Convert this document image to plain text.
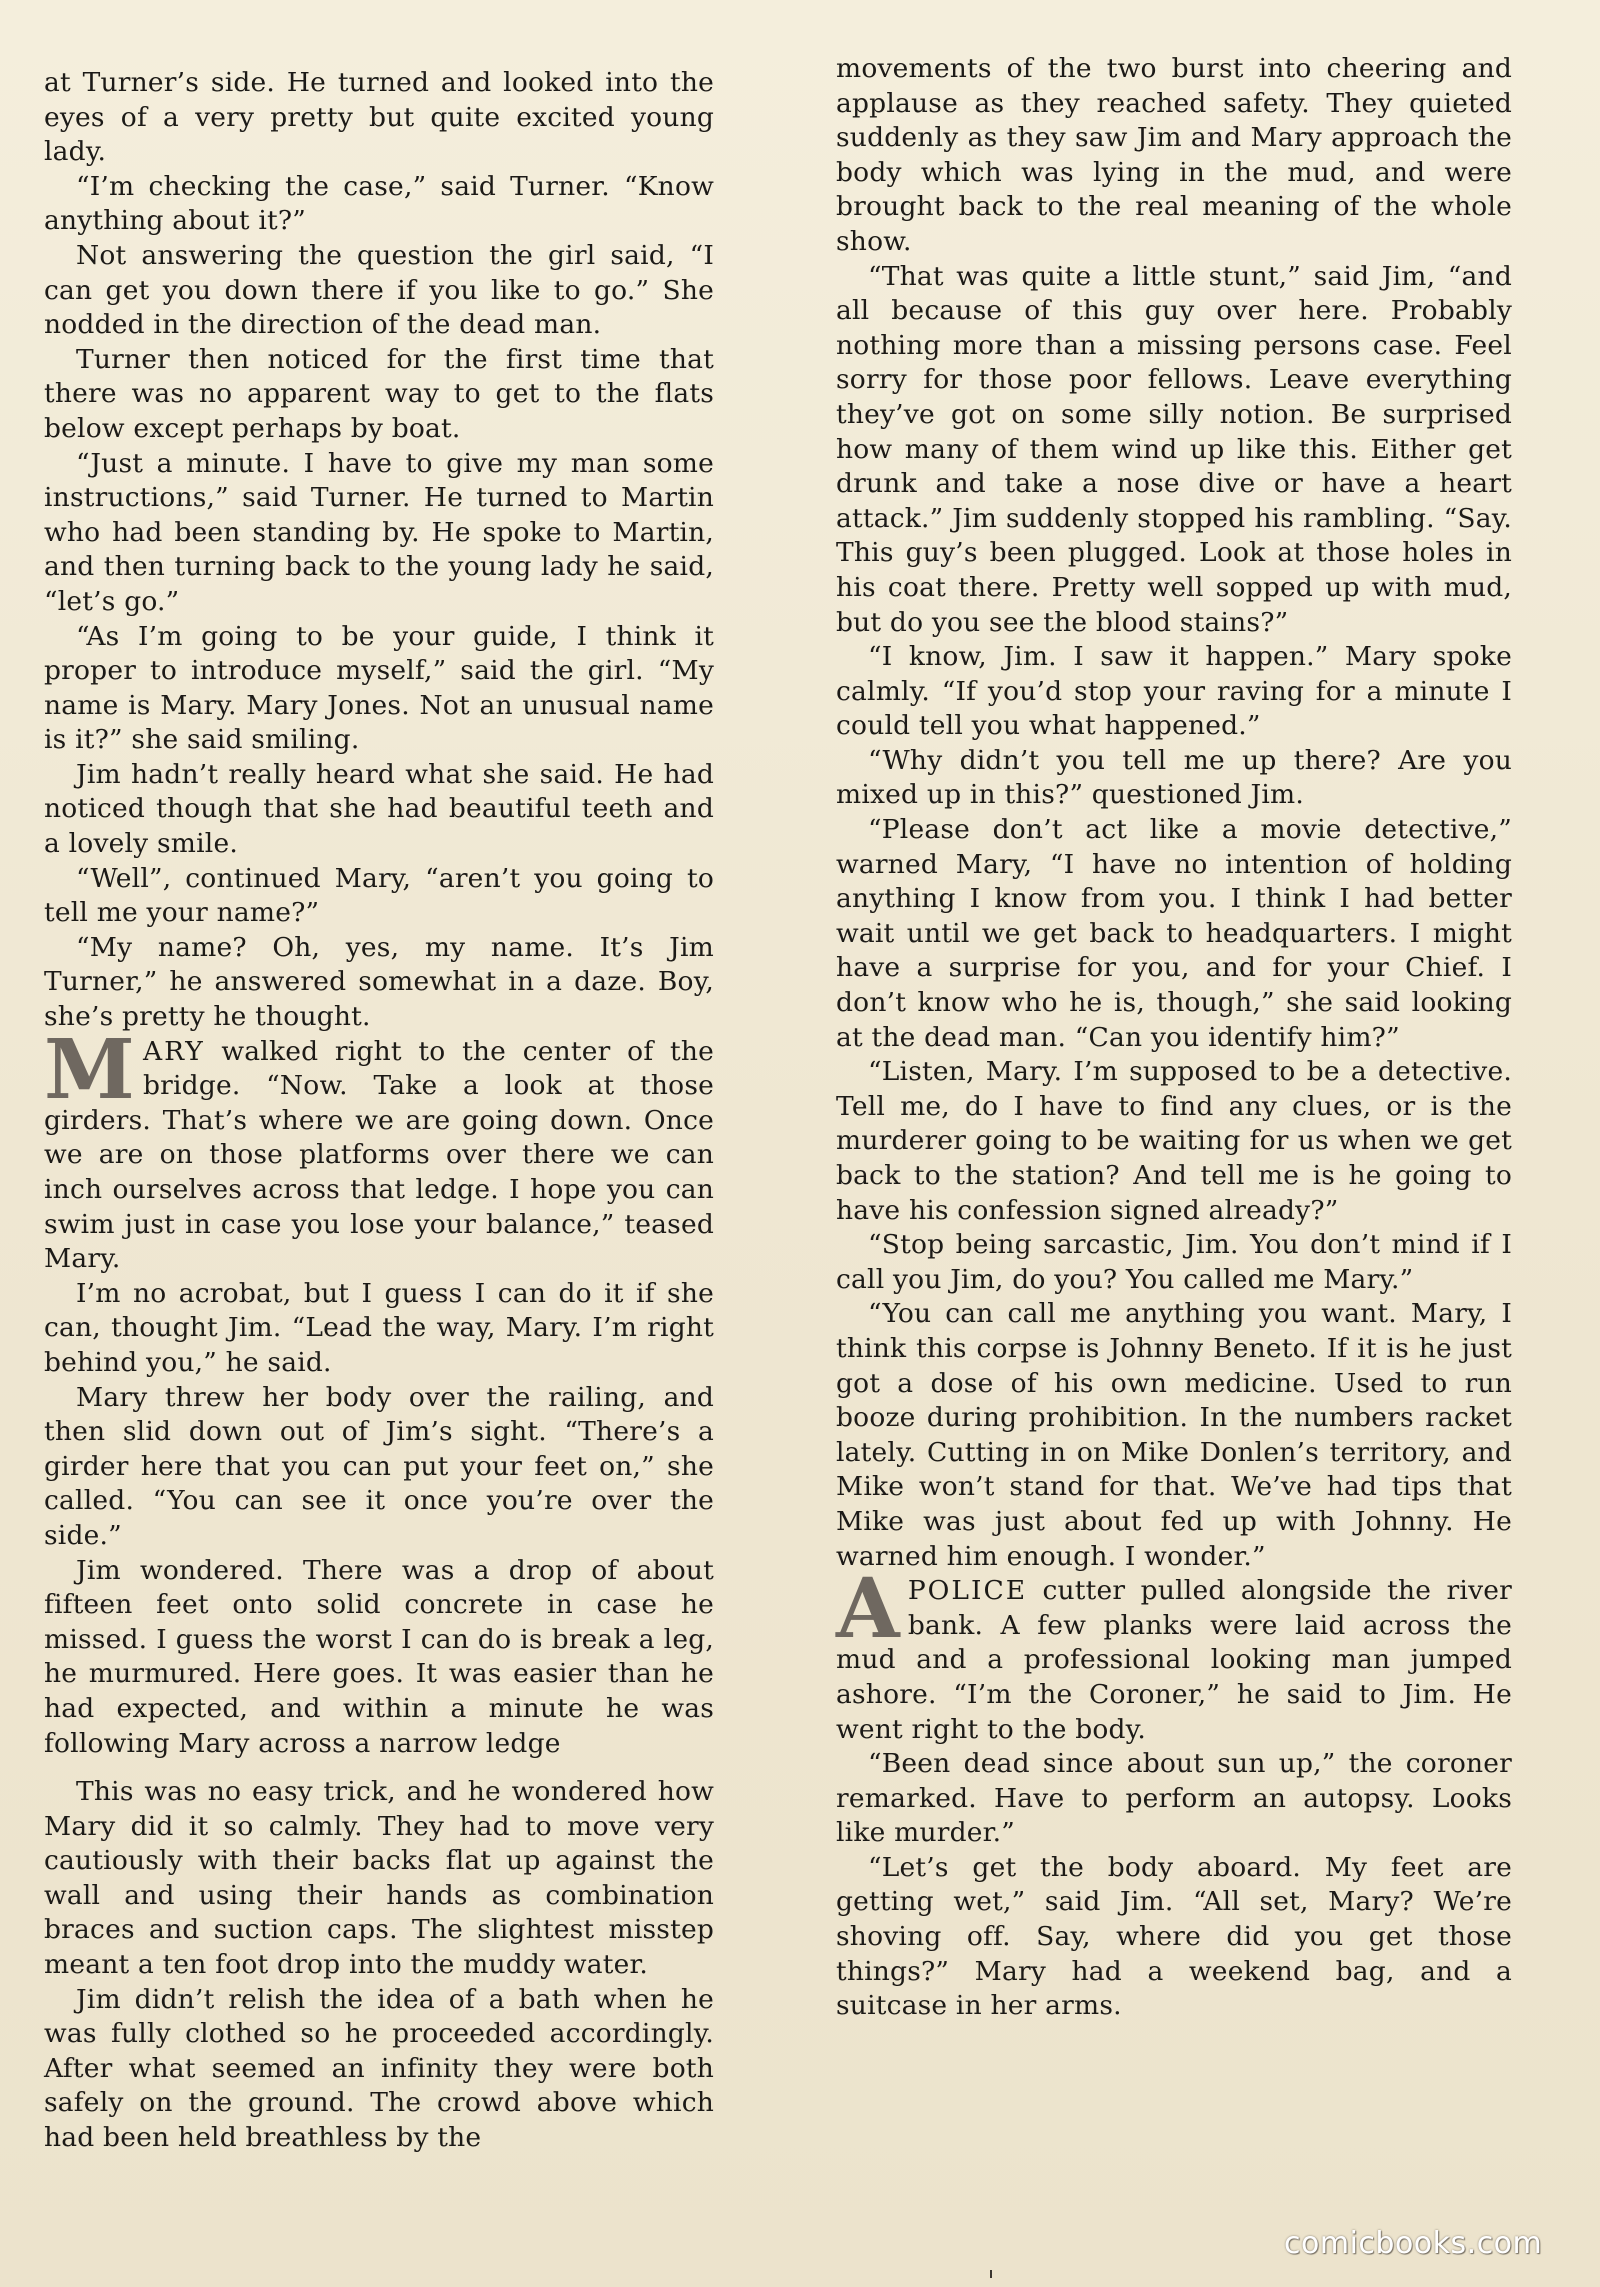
at Turner’s side. He turned and looked into the eyes of a very pretty but quite excited young lady.

“I’m checking the case,” said Turner. “Know anything about it?”

Not answering the question the girl said, “I can get you down there if you like to go.” She nodded in the direction of the dead man.

Turner then noticed for the first time that there was no apparent way to get to the flats below except perhaps by boat.

“Just a minute. I have to give my man some instructions,” said Turner. He turned to Martin who had been standing by. He spoke to Martin, and then turning back to the young lady he said, “let’s go.”

“As I’m going to be your guide, I think it proper to introduce myself,” said the girl. “My name is Mary. Mary Jones. Not an unusual name is it?” she said smiling.

Jim hadn’t really heard what she said. He had noticed though that she had beautiful teeth and a lovely smile.

“Well”, continued Mary, “aren’t you going to tell me your name?”

“My name? Oh, yes, my name. It’s Jim Turner,” he answered somewhat in a daze. Boy, she’s pretty he thought.

MARY walked right to the center of the bridge. “Now. Take a look at those girders. That’s where we are going down. Once we are on those platforms over there we can inch ourselves across that ledge. I hope you can swim just in case you lose your balance,” teased Mary.

I’m no acrobat, but I guess I can do it if she can, thought Jim. “Lead the way, Mary. I’m right behind you,” he said.

Mary threw her body over the railing, and then slid down out of Jim’s sight. “There’s a girder here that you can put your feet on,” she called. “You can see it once you’re over the side.”

Jim wondered. There was a drop of about fifteen feet onto solid concrete in case he missed. I guess the worst I can do is break a leg, he murmured. Here goes. It was easier than he had expected, and within a minute he was following Mary across a narrow ledge

This was no easy trick, and he wondered how Mary did it so calmly. They had to move very cautiously with their backs flat up against the wall and using their hands as combination braces and suction caps. The slightest misstep meant a ten foot drop into the muddy water.

Jim didn’t relish the idea of a bath when he was fully clothed so he proceeded accordingly. After what seemed an infinity they were both safely on the ground. The crowd above which had been held breathless by the

movements of the two burst into cheering and applause as they reached safety. They quieted suddenly as they saw Jim and Mary approach the body which was lying in the mud, and were brought back to the real meaning of the whole show.

“That was quite a little stunt,” said Jim, “and all because of this guy over here. Probably nothing more than a missing persons case. Feel sorry for those poor fellows. Leave everything they’ve got on some silly notion. Be surprised how many of them wind up like this. Either get drunk and take a nose dive or have a heart attack.” Jim suddenly stopped his rambling. “Say. This guy’s been plugged. Look at those holes in his coat there. Pretty well sopped up with mud, but do you see the blood stains?”

“I know, Jim. I saw it happen.” Mary spoke calmly. “If you’d stop your raving for a minute I could tell you what happened.”

“Why didn’t you tell me up there? Are you mixed up in this?” questioned Jim.

“Please don’t act like a movie detective,” warned Mary, “I have no intention of holding anything I know from you. I think I had better wait until we get back to headquarters. I might have a surprise for you, and for your Chief. I don’t know who he is, though,” she said looking at the dead man. “Can you identify him?”

“Listen, Mary. I’m supposed to be a detective. Tell me, do I have to find any clues, or is the murderer going to be waiting for us when we get back to the station? And tell me is he going to have his confession signed already?”

“Stop being sarcastic, Jim. You don’t mind if I call you Jim, do you? You called me Mary.”

“You can call me anything you want. Mary, I think this corpse is Johnny Beneto. If it is he just got a dose of his own medicine. Used to run booze during prohibition. In the numbers racket lately. Cutting in on Mike Donlen’s territory, and Mike won’t stand for that. We’ve had tips that Mike was just about fed up with Johnny. He warned him enough. I wonder.”

APOLICE cutter pulled alongside the river bank. A few planks were laid across the mud and a professional looking man jumped ashore. “I’m the Coroner,” he said to Jim. He went right to the body.

“Been dead since about sun up,” the coroner remarked. Have to perform an autopsy. Looks like murder.”

“Let’s get the body aboard. My feet are getting wet,” said Jim. “All set, Mary? We’re shoving off. Say, where did you get those things?” Mary had a weekend bag, and a suitcase in her arms.

comicbooks.com
